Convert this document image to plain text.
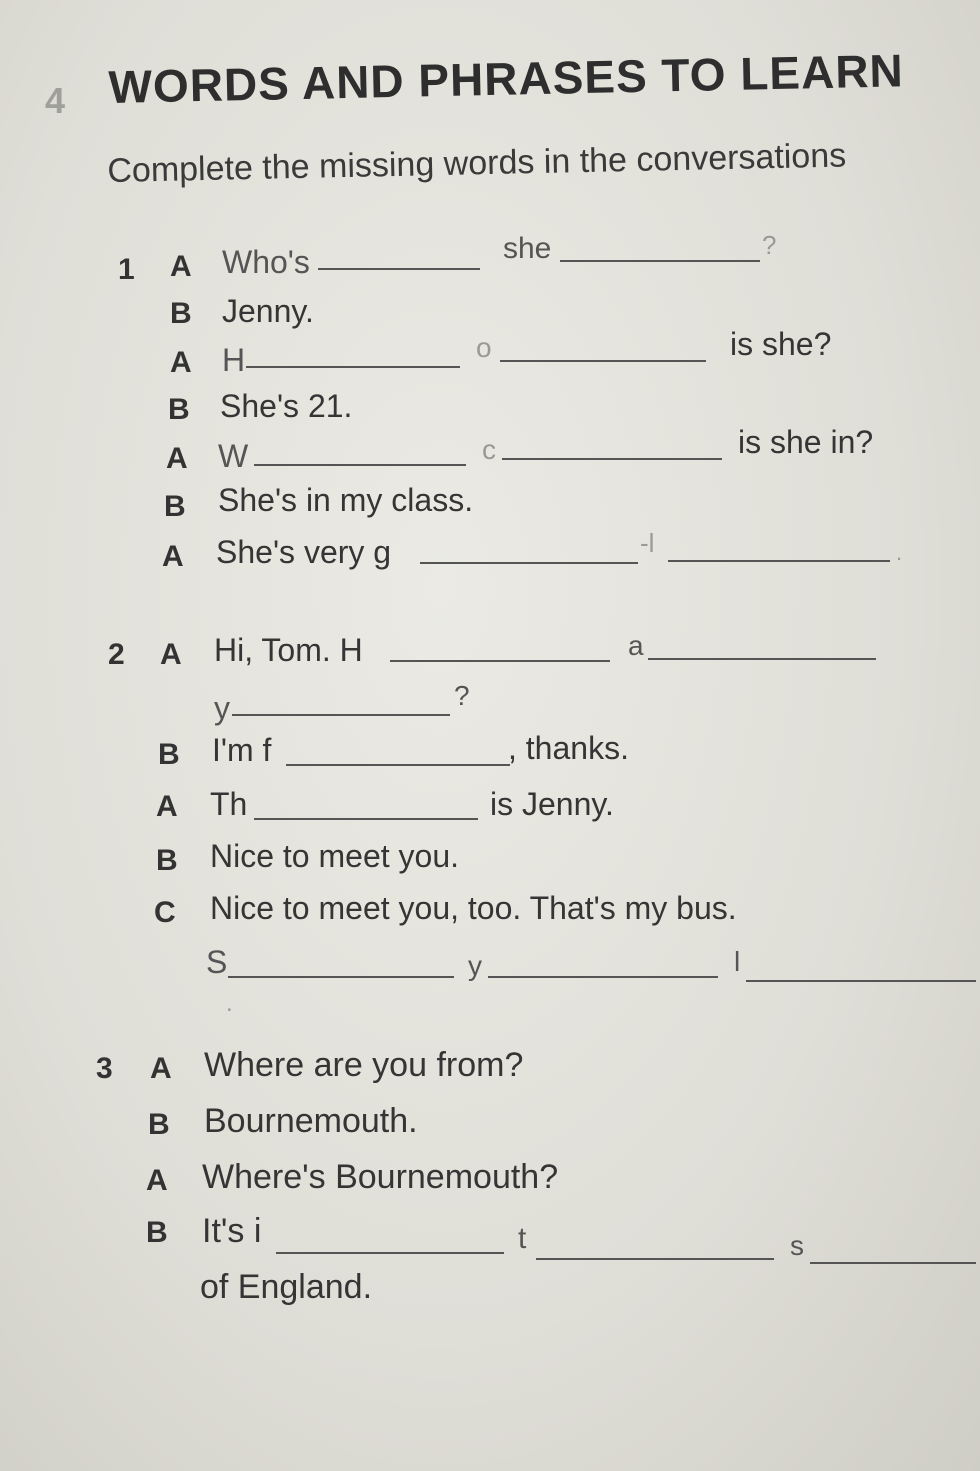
4 WORDS AND PHRASES TO LEARN
Complete the missing words in the conversations
1 A Who's	she	?
B Jenny.
A H	o	is she?
B She's 21.
A W	c	is she in?
B She's in my class.
A She's very g	-l	.
2 A Hi, Tom. H	a
y	?
B I'm f	, thanks.
A Th	is Jenny.
B Nice to meet you.
C Nice to meet you, too. That's my bus.
S	y	l
.
3 A Where are you from?
B Bournemouth.
A Where's Bournemouth?
B It's i	t	s
of England.
